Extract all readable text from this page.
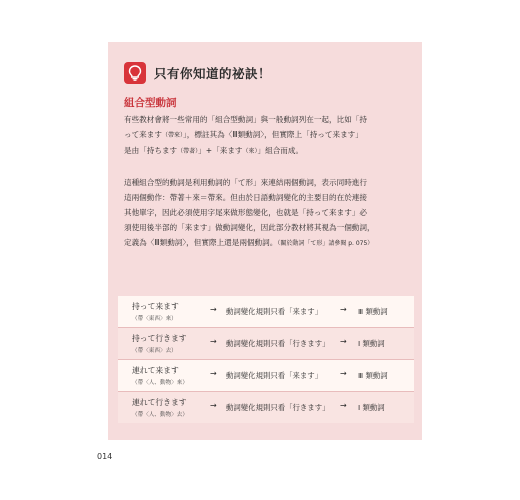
只有你知道的祕訣！
組合型動詞
有些教材會將一些常用的「組合型動詞」與一般動詞列在一起，比如「持
って来ます（帶來）」，標註其為〈Ⅲ類動詞〉，但實際上「持って来ます」
是由「持ちます（帶著）」+「来ます（來）」組合而成。
這種組合型的動詞是利用動詞的「て形」來連結兩個動詞，表示同時進行
這兩個動作：帶著＋來＝帶來。但由於日語動詞變化的主要目的在於連接
其他單字，因此必須使用字尾來做形態變化，也就是「持って来ます」必
須使用後半部的「来ます」做動詞變化，因此部分教材將其視為一個動詞，
定義為〈Ⅲ類動詞〉，但實際上還是兩個動詞。（關於動詞「て形」請參閱 p. 075）
持って来ます
（帶〈東西〉來）
→ 動詞變化規則只看「来ます」 → Ⅲ 類動詞
持って行きます
（帶〈東西〉去）
→ 動詞變化規則只看「行きます」 → Ⅰ 類動詞
連れて来ます
（帶〈人、動物〉來）
→ 動詞變化規則只看「来ます」 → Ⅲ 類動詞
連れて行きます
（帶〈人、動物〉去）
→ 動詞變化規則只看「行きます」 → Ⅰ 類動詞
014
